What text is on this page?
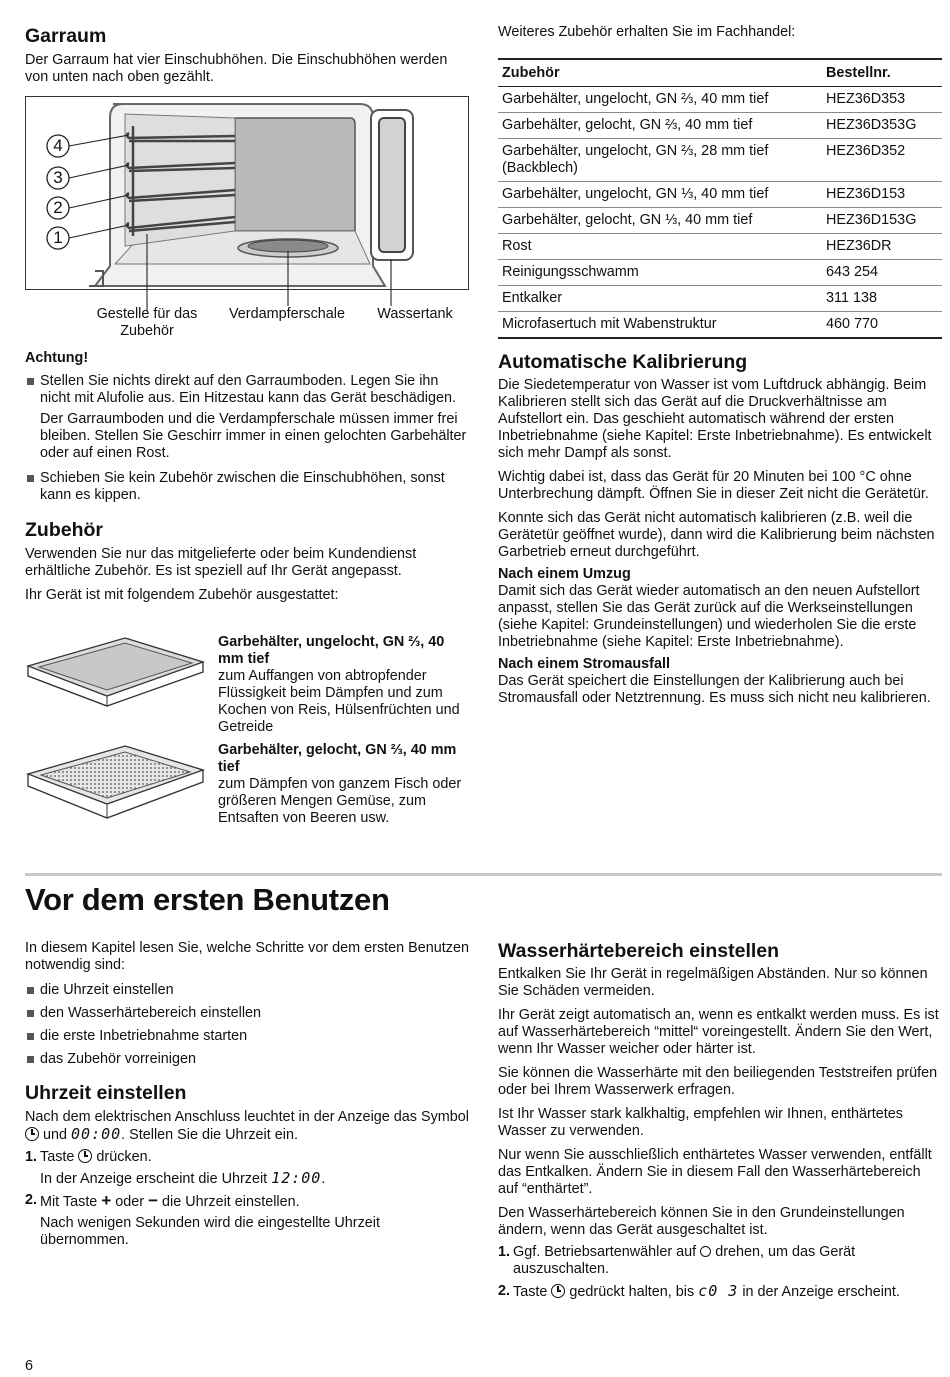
Garraum

Der Garraum hat vier Einschubhöhen. Die Einschubhöhen werden von unten nach oben gezählt.

4
3
2
1
Gestelle für das Zubehör
Verdampferschale	Wassertank

Achtung!

Stellen Sie nichts direkt auf den Garraumboden. Legen Sie ihn nicht mit Alufolie aus. Ein Hitzestau kann das Gerät beschädigen.

Der Garraumboden und die Verdampferschale müssen immer frei bleiben. Stellen Sie Geschirr immer in einen gelochten Garbehälter oder auf einen Rost.

Schieben Sie kein Zubehör zwischen die Einschubhöhen, sonst kann es kippen.
Zubehör

Verwenden Sie nur das mitgelieferte oder beim Kundendienst erhältliche Zubehör. Es ist speziell auf Ihr Gerät angepasst.

Ihr Gerät ist mit folgendem Zubehör ausgestattet:

Garbehälter, ungelocht, GN ⅔, 40 mm tief

zum Auffangen von abtropfender Flüssigkeit beim Dämpfen und zum Kochen von Reis, Hülsenfrüchten und Getreide

Garbehälter, gelocht, GN ⅔, 40 mm tief

zum Dämpfen von ganzem Fisch oder größeren Mengen Gemüse, zum Entsaften von Beeren usw.

Weiteres Zubehör erhalten Sie im Fachhandel:

Zubehör	Bestellnr.
Garbehälter, ungelocht, GN ⅔, 40 mm tief	HEZ36D353
Garbehälter, gelocht, GN ⅔, 40 mm tief	HEZ36D353G
Garbehälter, ungelocht, GN ⅔, 28 mm tief (Backblech)	HEZ36D352
Garbehälter, ungelocht, GN ⅓, 40 mm tief	HEZ36D153
Garbehälter, gelocht, GN ⅓, 40 mm tief	HEZ36D153G
Rost	HEZ36DR
Reinigungsschwamm	643 254
Entkalker	311 138
Microfasertuch mit Wabenstruktur	460 770
Automatische Kalibrierung

Die Siedetemperatur von Wasser ist vom Luftdruck abhängig. Beim Kalibrieren stellt sich das Gerät auf die Druckverhältnisse am Aufstellort ein. Das geschieht automatisch während der ersten Inbetriebnahme (siehe Kapitel: Erste Inbetriebnahme). Es entwickelt sich mehr Dampf als sonst.

Wichtig dabei ist, dass das Gerät für 20 Minuten bei 100 °C ohne Unterbrechung dämpft. Öffnen Sie in dieser Zeit nicht die Gerätetür.

Konnte sich das Gerät nicht automatisch kalibrieren (z.B. weil die Gerätetür geöffnet wurde), dann wird die Kalibrierung beim nächsten Garbetrieb erneut durchgeführt.

Nach einem Umzug

Damit sich das Gerät wieder automatisch an den neuen Aufstellort anpasst, stellen Sie das Gerät zurück auf die Werkseinstellungen (siehe Kapitel: Grundeinstellungen) und wiederholen Sie die erste Inbetriebnahme (siehe Kapitel: Erste Inbetriebnahme).

Nach einem Stromausfall

Das Gerät speichert die Einstellungen der Kalibrierung auch bei Stromausfall oder Netztrennung. Es muss sich nicht neu kalibrieren.

Vor dem ersten Benutzen

In diesem Kapitel lesen Sie, welche Schritte vor dem ersten Benutzen notwendig sind:

die Uhrzeit einstellen
den Wasserhärtebereich einstellen
die erste Inbetriebnahme starten
das Zubehör vorreinigen
Uhrzeit einstellen

Nach dem elektrischen Anschluss leuchtet in der Anzeige das Symbol  und 00:00. Stellen Sie die Uhrzeit ein.

1. Taste drücken.

In der Anzeige erscheint die Uhrzeit 12:00.

2. Mit Taste + oder − die Uhrzeit einstellen.

Nach wenigen Sekunden wird die eingestellte Uhrzeit übernommen.

Wasserhärtebereich einstellen

Entkalken Sie Ihr Gerät in regelmäßigen Abständen. Nur so können Sie Schäden vermeiden.

Ihr Gerät zeigt automatisch an, wenn es entkalkt werden muss. Es ist auf Wasserhärtebereich “mittel“ voreingestellt. Ändern Sie den Wert, wenn Ihr Wasser weicher oder härter ist.

Sie können die Wasserhärte mit den beiliegenden Teststreifen prüfen oder bei Ihrem Wasserwerk erfragen.

Ist Ihr Wasser stark kalkhaltig, empfehlen wir Ihnen, enthärtetes Wasser zu verwenden.

Nur wenn Sie ausschließlich enthärtetes Wasser verwenden, entfällt das Entkalken. Ändern Sie in diesem Fall den Wasserhärtebereich auf “enthärtet”.

Den Wasserhärtebereich können Sie in den Grundeinstellungen ändern, wenn das Gerät ausgeschaltet ist.

1. Ggf. Betriebsartenwähler auf drehen, um das Gerät auszuschalten.
2. Taste gedrückt halten, bis c0 3 in der Anzeige erscheint.
6
